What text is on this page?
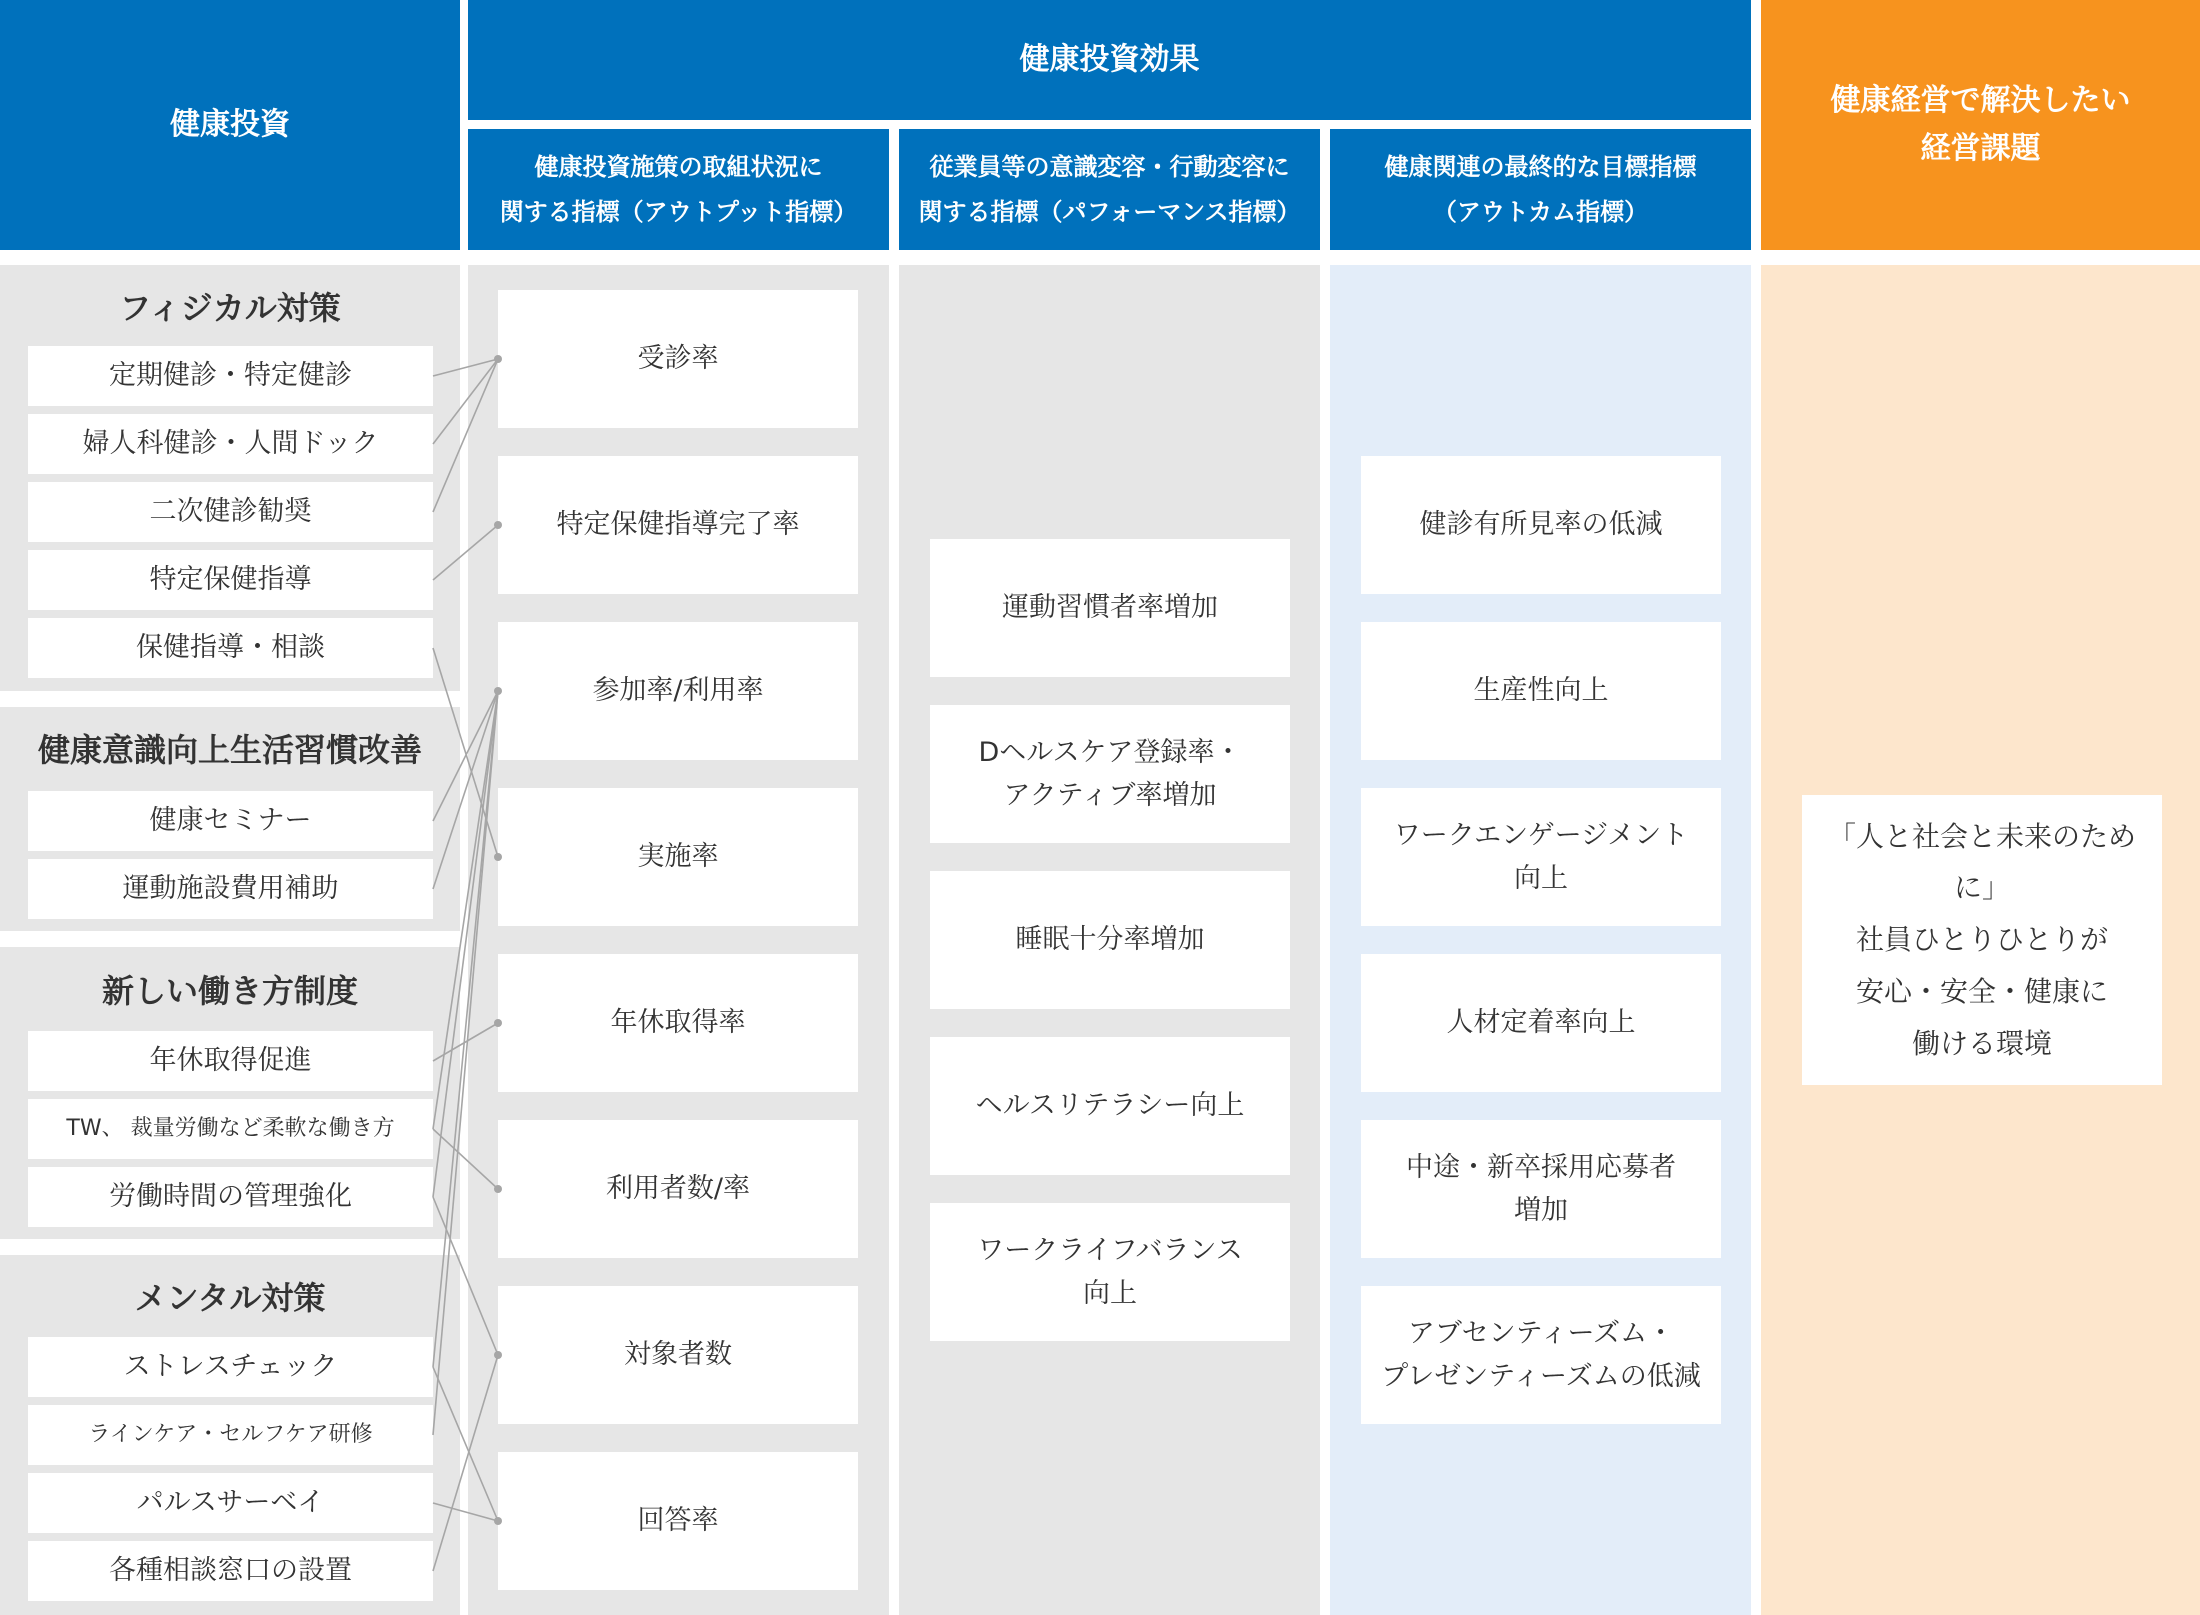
健康投資
健康投資効果
健康投資施策の取組状況に
関する指標（アウトプット指標）
従業員等の意識変容・行動変容に
関する指標（パフォーマンス指標）
健康関連の最終的な目標指標
（アウトカム指標）
健康経営で解決したい
経営課題
フィジカル対策
定期健診・特定健診
婦人科健診・人間ドック
二次健診勧奨
特定保健指導
保健指導・相談
健康意識向上生活習慣改善
健康セミナー
運動施設費用補助
新しい働き方制度
年休取得促進
TW、 裁量労働など柔軟な働き方
労働時間の管理強化
メンタル対策
ストレスチェック
ラインケア・セルフケア研修
パルスサーベイ
各種相談窓口の設置
受診率
特定保健指導完了率
参加率/利用率
実施率
年休取得率
利用者数/率
対象者数
回答率
運動習慣者率増加
Dヘルスケア登録率・
アクティブ率増加
睡眠十分率増加
ヘルスリテラシー向上
ワークライフバランス
向上
健診有所見率の低減
生産性向上
ワークエンゲージメント
向上
人材定着率向上
中途・新卒採用応募者
増加
アブセンティーズム・
プレゼンティーズムの低減
「人と社会と未来のために」
社員ひとりひとりが
安心・安全・健康に
働ける環境
